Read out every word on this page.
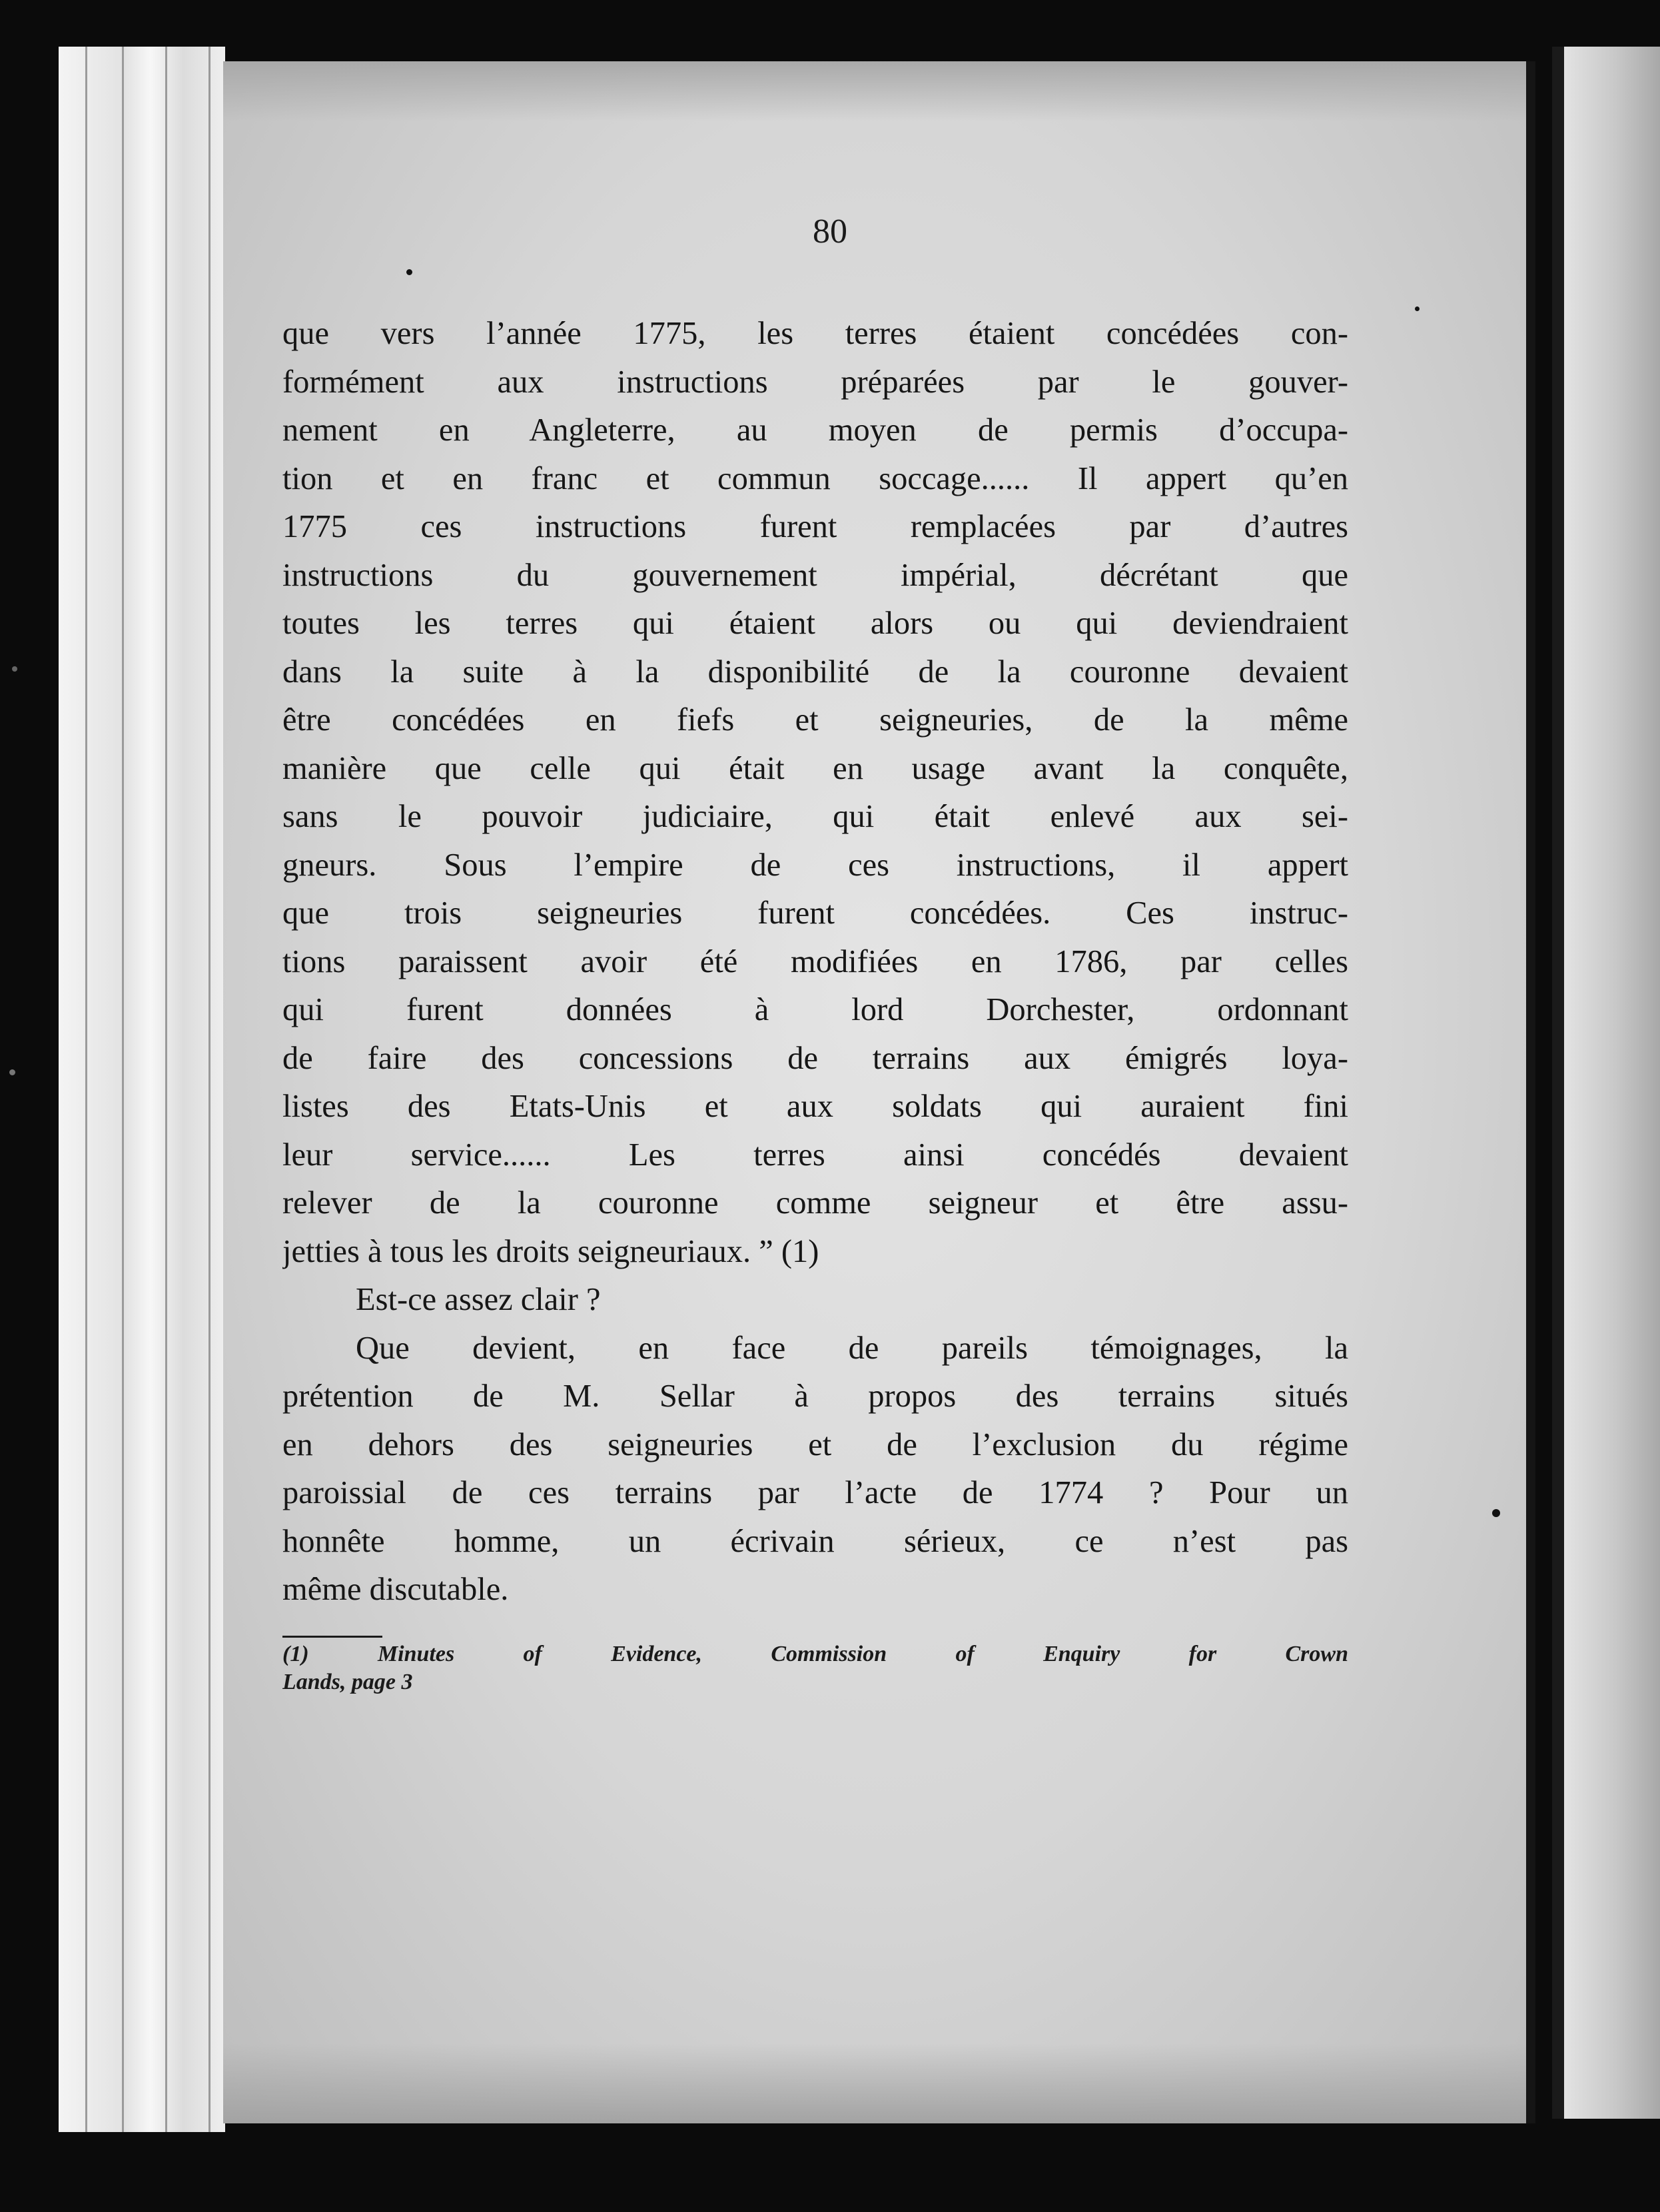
80
que vers l’année 1775, les terres étaient concédées con-
formément aux instructions préparées par le gouver-
nement en Angleterre, au moyen de permis d’occupa-
tion et en franc et commun soccage...... Il appert qu’en
1775 ces instructions furent remplacées par d’autres
instructions du gouvernement impérial, décrétant que
toutes les terres qui étaient alors ou qui deviendraient
dans la suite à la disponibilité de la couronne devaient
être concédées en fiefs et seigneuries, de la même
manière que celle qui était en usage avant la conquête,
sans le pouvoir judiciaire, qui était enlevé aux sei-
gneurs. Sous l’empire de ces instructions, il appert
que trois seigneuries furent concédées. Ces instruc-
tions paraissent avoir été modifiées en 1786, par celles
qui furent données à lord Dorchester, ordonnant
de faire des concessions de terrains aux émigrés loya-
listes des Etats-Unis et aux soldats qui auraient fini
leur service...... Les terres ainsi concédés devaient
relever de la couronne comme seigneur et être assu-
jetties à tous les droits seigneuriaux. ” (1)
Est-ce assez clair ?
Que devient, en face de pareils témoignages, la
prétention de M. Sellar à propos des terrains situés
en dehors des seigneuries et de l’exclusion du régime
paroissial de ces terrains par l’acte de 1774 ? Pour un
honnête homme, un écrivain sérieux, ce n’est pas
même discutable.
(1) Minutes of Evidence, Commission of Enquiry for Crown
Lands, page 3
